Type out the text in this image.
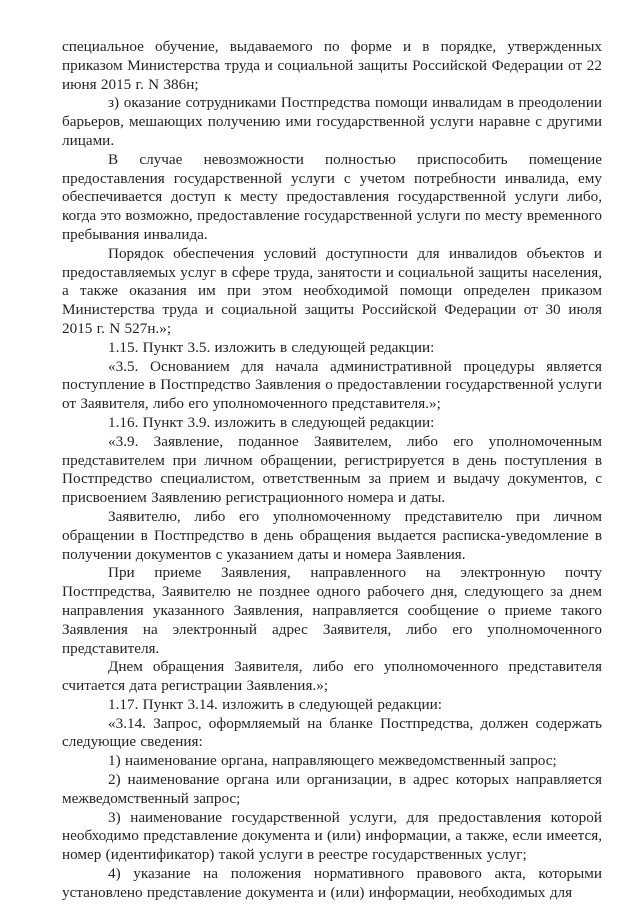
специальное обучение, выдаваемого по форме и в порядке, утвержденных приказом Министерства труда и социальной защиты Российской Федерации от 22 июня 2015 г. N 386н;

з) оказание сотрудниками Постпредства помощи инвалидам в преодолении барьеров, мешающих получению ими государственной услуги наравне с другими лицами.

В случае невозможности полностью приспособить помещение предоставления государственной услуги с учетом потребности инвалида, ему обеспечивается доступ к месту предоставления государственной услуги либо, когда это возможно, предоставление государственной услуги по месту временного пребывания инвалида.

Порядок обеспечения условий доступности для инвалидов объектов и предоставляемых услуг в сфере труда, занятости и социальной защиты населения, а также оказания им при этом необходимой помощи определен приказом Министерства труда и социальной защиты Российской Федерации от 30 июля 2015 г. N 527н.»;

1.15. Пункт 3.5. изложить в следующей редакции:

«3.5. Основанием для начала административной процедуры является поступление в Постпредство Заявления о предоставлении государственной услуги от Заявителя, либо его уполномоченного представителя.»;

1.16. Пункт 3.9. изложить в следующей редакции:

«3.9. Заявление, поданное Заявителем, либо его уполномоченным представителем при личном обращении, регистрируется в день поступления в Постпредство специалистом, ответственным за прием и выдачу документов, с присвоением Заявлению регистрационного номера и даты.

Заявителю, либо его уполномоченному представителю при личном обращении в Постпредство в день обращения выдается расписка-уведомление в получении документов с указанием даты и номера Заявления.

При приеме Заявления, направленного на электронную почту Постпредства, Заявителю не позднее одного рабочего дня, следующего за днем направления указанного Заявления, направляется сообщение о приеме такого Заявления на электронный адрес Заявителя, либо его уполномоченного представителя.

Днем обращения Заявителя, либо его уполномоченного представителя считается дата регистрации Заявления.»;

1.17. Пункт 3.14. изложить в следующей редакции:

«3.14. Запрос, оформляемый на бланке Постпредства, должен содержать следующие сведения:

1) наименование органа, направляющего межведомственный запрос;

2) наименование органа или организации, в адрес которых направляется межведомственный запрос;

3) наименование государственной услуги, для предоставления которой необходимо представление документа и (или) информации, а также, если имеется, номер (идентификатор) такой услуги в реестре государственных услуг;

4) указание на положения нормативного правового акта, которыми установлено представление документа и (или) информации, необходимых для
